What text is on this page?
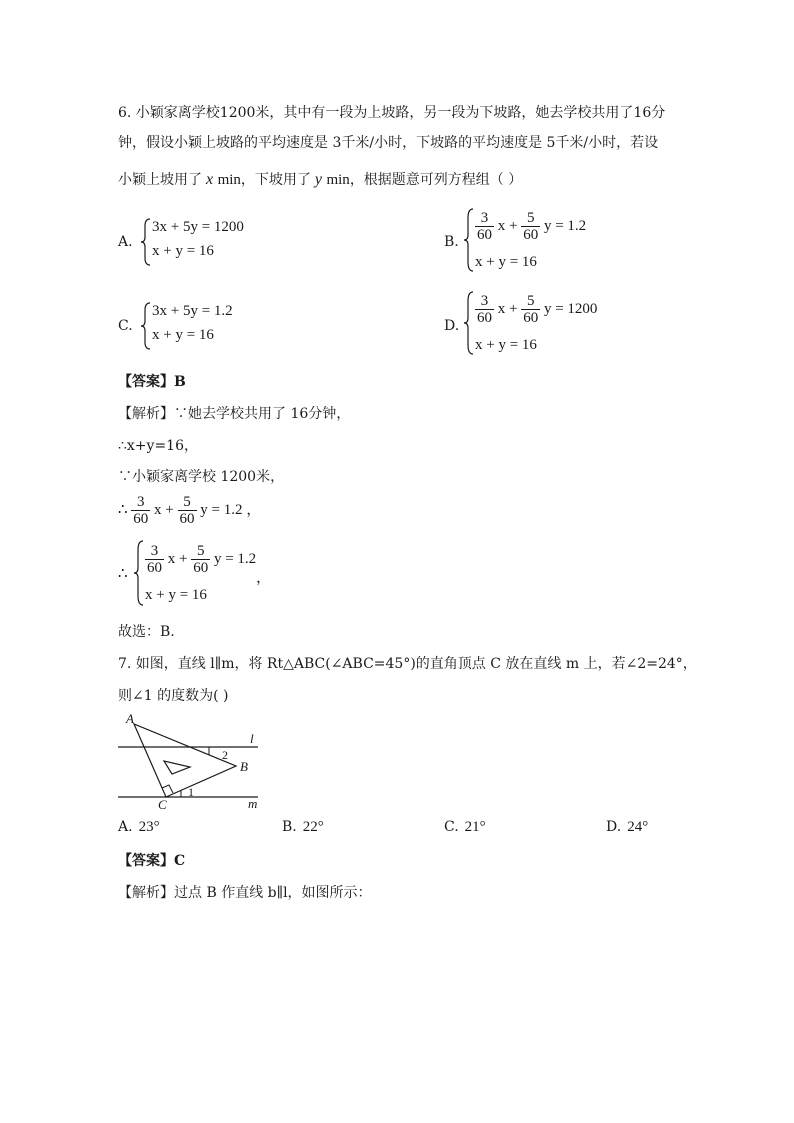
6. 小颖家离学校1200米，其中有一段为上坡路，另一段为下坡路，她去学校共用了16分
钟，假设小颖上坡路的平均速度是 3千米/小时，下坡路的平均速度是 5千米/小时，若设
小颖上坡用了 x min，下坡用了 y min，根据题意可列方程组（ ）
A.
3x + 5y = 1200
x + y = 16
B. $\frac{3}{60}$ $x + \frac{5}{60}$ y = 1.2
x + y = 16
C.
3x + 5y = 1.2
x + y = 16
D. $\frac{3}{60}$ $x + \frac{5}{60}$ y = 1200
x + y = 16
【答案】B
【解析】∵她去学校共用了 16分钟，
∴x+y=16，
∵小颖家离学校 1200米，
∴ $\frac{3}{60}$ $x + \frac{5}{60}$ y = 1.2 ，
∴ $\frac{3}{60}$ $x + \frac{5}{60}$ y = 1.2
x + y = 16
，
故选：B.
7. 如图，直线 l∥m，将 Rt△ABC(∠ABC=45°)的直角顶点 C 放在直线 m 上，若∠2=24°，
则∠1 的度数为( )
A
B
C
l
m
2
1
A. 23°	B. 22°	C. 21°	D. 24°
【答案】C
【解析】过点 B 作直线 b∥l，如图所示：
